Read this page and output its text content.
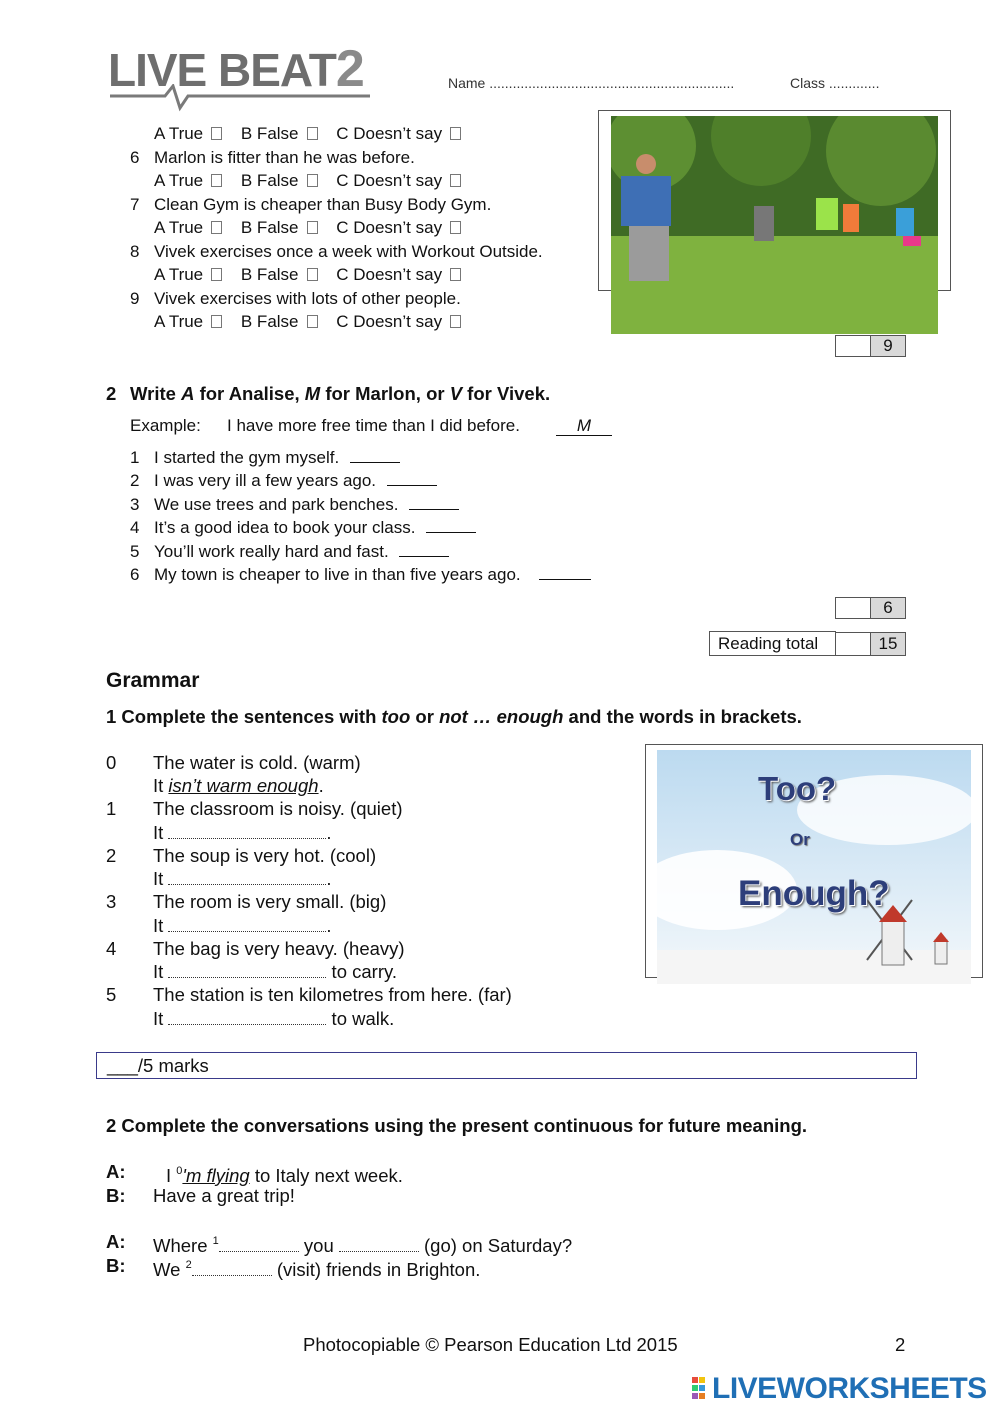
LIVE BEAT2	Name ...............................................................	Class .............
A True B False C Doesn’t say
6 Marlon is fitter than he was before.
A True B False C Doesn’t say
7 Clean Gym is cheaper than Busy Body Gym.
A True B False C Doesn’t say
8 Vivek exercises once a week with Workout Outside.
A True B False C Doesn’t say
9 Vivek exercises with lots of other people.
A True B False C Doesn’t say
9
2 Write A for Analise, M for Marlon, or V for Vivek.
Example: I have more free time than I did before.	M
1 I started the gym myself.
2 I was very ill a few years ago.
3 We use trees and park benches.
4 It’s a good idea to book your class.
5 You’ll work really hard and fast.
6 My town is cheaper to live in than five years ago.
6
Reading total	15
Grammar
1 Complete the sentences with too or not … enough and the words in brackets.
Too?
Or
Enough?
0 The water is cold. (warm)
It isn’t warm enough.
1 The classroom is noisy. (quiet)
It	.
2 The soup is very hot. (cool)
It	.
3 The room is very small. (big)
It	.
4 The bag is very heavy. (heavy)
It	to carry.
5 The station is ten kilometres from here. (far)
It	to walk.
___/5 marks
2 Complete the conversations using the present continuous for future meaning.
A: I $^0$'m flying to Italy next week.
B: Have a great trip!
A: Where $^1$	you	(go) on Saturday?
B: We $^2$	(visit) friends in Brighton.
Photocopiable © Pearson Education Ltd 2015	2
LIVEWORKSHEETS
